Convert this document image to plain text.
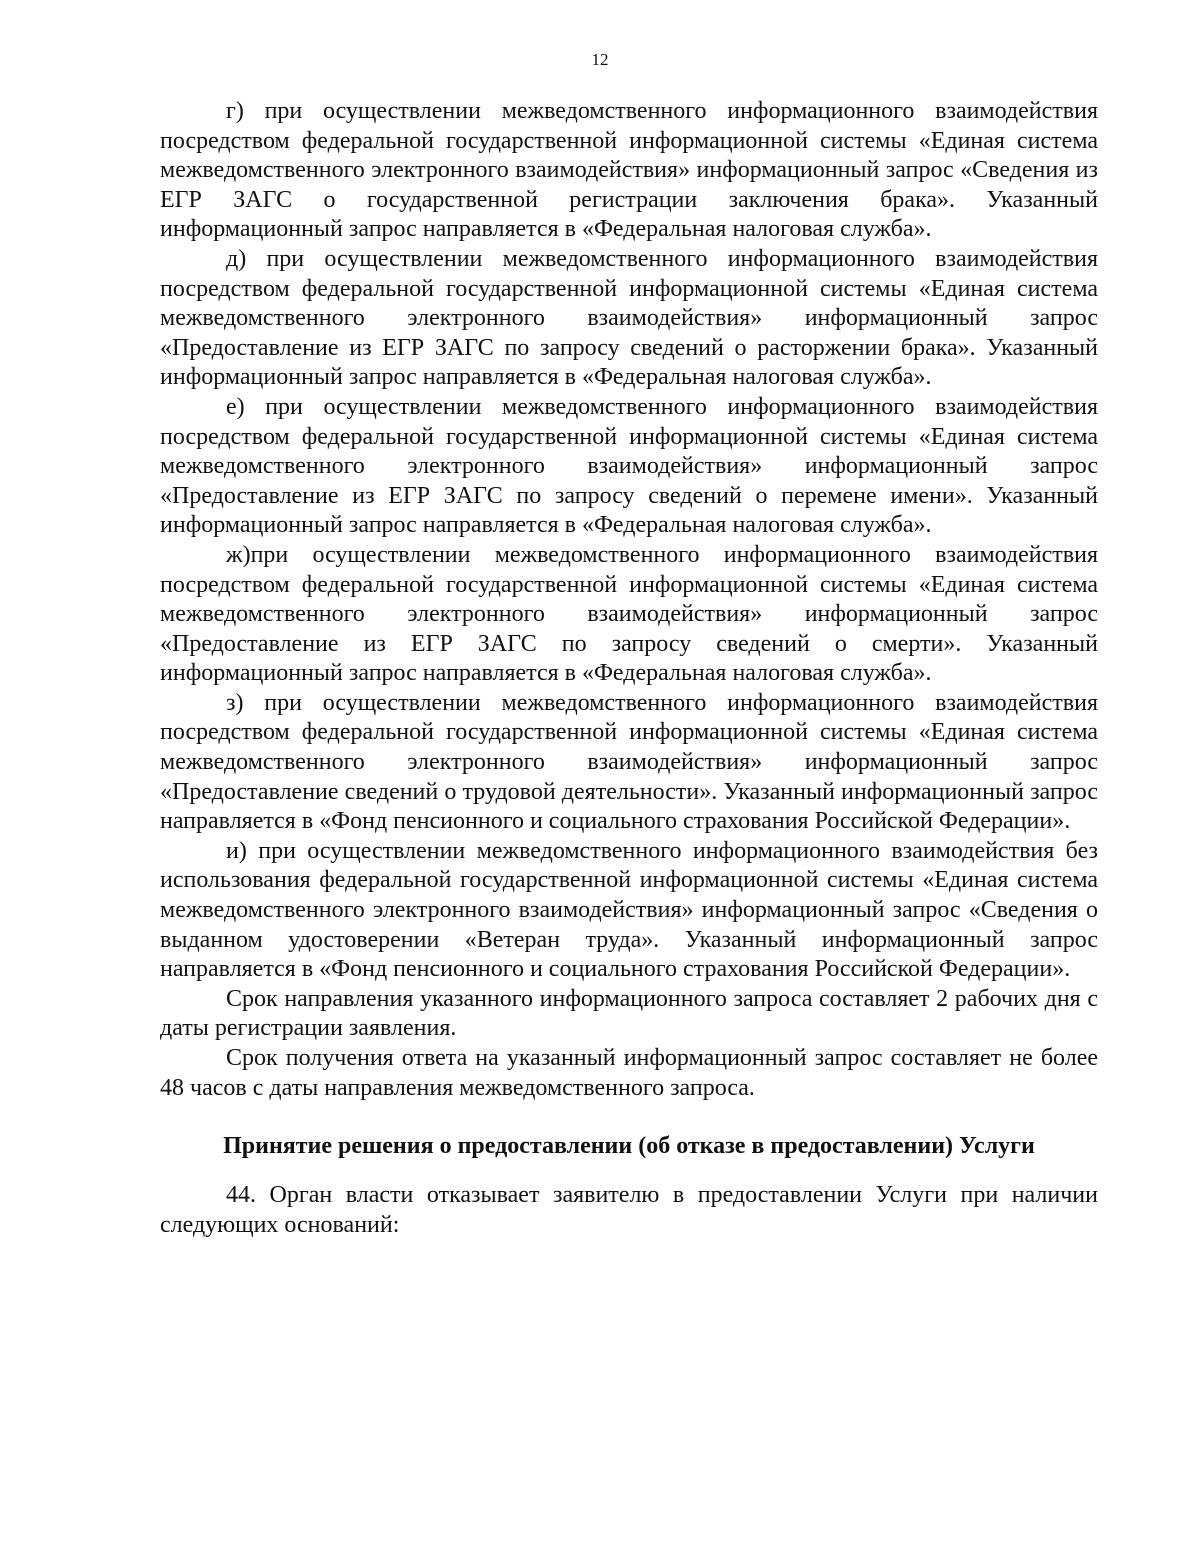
12

г) при осуществлении межведомственного информационного взаимодействия посредством федеральной государственной информационной системы «Единая система межведомственного электронного взаимодействия» информационный запрос «Сведения из ЕГР ЗАГС о государственной регистрации заключения брака». Указанный информационный запрос направляется в «Федеральная налоговая служба».

д) при осуществлении межведомственного информационного взаимодействия посредством федеральной государственной информационной системы «Единая система межведомственного электронного взаимодействия» информационный запрос «Предоставление из ЕГР ЗАГС по запросу сведений о расторжении брака». Указанный информационный запрос направляется в «Федеральная налоговая служба».

е) при осуществлении межведомственного информационного взаимодействия посредством федеральной государственной информационной системы «Единая система межведомственного электронного взаимодействия» информационный запрос «Предоставление из ЕГР ЗАГС по запросу сведений о перемене имени». Указанный информационный запрос направляется в «Федеральная налоговая служба».

ж)при осуществлении межведомственного информационного взаимодействия посредством федеральной государственной информационной системы «Единая система межведомственного электронного взаимодействия» информационный запрос «Предоставление из ЕГР ЗАГС по запросу сведений о смерти». Указанный информационный запрос направляется в «Федеральная налоговая служба».

з) при осуществлении межведомственного информационного взаимодействия посредством федеральной государственной информационной системы «Единая система межведомственного электронного взаимодействия» информационный запрос «Предоставление сведений о трудовой деятельности». Указанный информационный запрос направляется в «Фонд пенсионного и социального страхования Российской Федерации».

и) при осуществлении межведомственного информационного взаимодействия без использования федеральной государственной информационной системы «Единая система межведомственного электронного взаимодействия» информационный запрос «Сведения о выданном удостоверении «Ветеран труда». Указанный информационный запрос направляется в «Фонд пенсионного и социального страхования Российской Федерации».

Срок направления указанного информационного запроса составляет 2 рабочих дня с даты регистрации заявления.

Срок получения ответа на указанный информационный запрос составляет не более 48 часов с даты направления межведомственного запроса.

Принятие решения о предоставлении (об отказе в предоставлении) Услуги

44. Орган власти отказывает заявителю в предоставлении Услуги при наличии следующих оснований:
